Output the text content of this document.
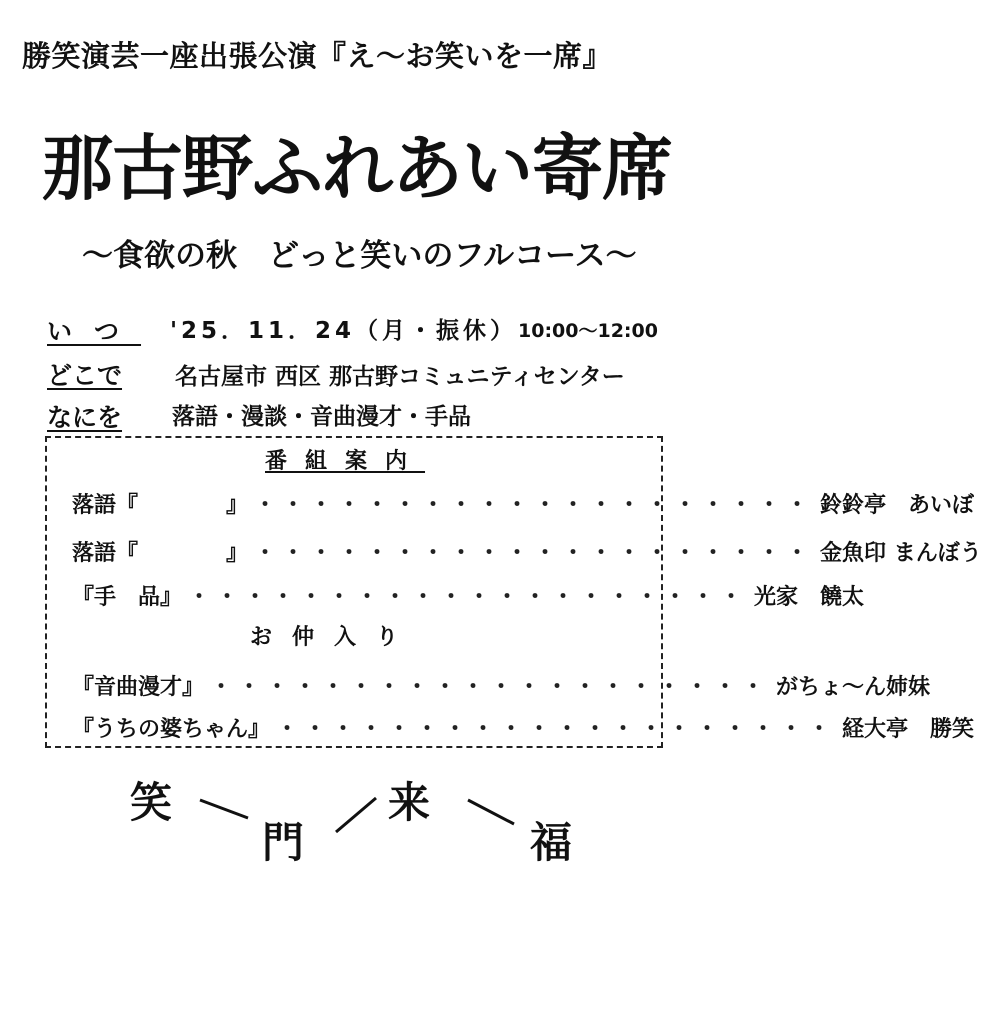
勝笑演芸一座出張公演『え～お笑いを一席』
那古野ふれあい寄席
～食欲の秋　どっと笑いのフルコース～
いつ '25．11．24（月・振休） 10:00～12:00
どこで 名古屋市 西区 那古野コミュニティセンター
なにを 落語・漫談・音曲漫才・手品
番組案内
落語『　　　　』 ・・・・・・・・・・・・・・・・・・・・ 鈴鈴亭　あいぼ
落語『　　　　』 ・・・・・・・・・・・・・・・・・・・・ 金魚印 まんぼう
『手　品』 ・・・・・・・・・・・・・・・・・・・・ 光家　饒太
お仲入り
『音曲漫才』 ・・・・・・・・・・・・・・・・・・・・ がちょ～ん姉妹
『うちの婆ちゃん』 ・・・・・・・・・・・・・・・・・・・・ 経大亭　勝笑
笑
門
来
福
